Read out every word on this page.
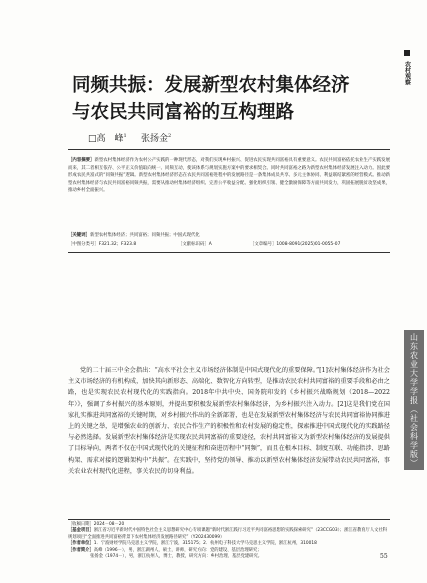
农村观察
山东农业大学学报（社会科学版）
同频共振：发展新型农村集体经济
与农民共同富裕的互构理路
□高　峰$^1$ 张扬金$^2$

［内容摘要］新型农村集体经济作为农村公产实践的一种现代形态，对我们实现乡村振兴、促进农民实现共同富裕具有重要意义。农民共同富裕依托农业生产实践发展而来，其二者相互依存、公平正义价值取向统一、同频互动，使该体系与规划实施方案中的要求相契合。同时共同富裕之路为新型农村集体经济发展注入动力。因此要形成农民共富式的“同频共振”逻辑。新型农村集体经济形态在农民共同富裕进程中的发展路径是一条集体成员共享、多元主体协同、利益联结紧密的经营模式。推动新型农村集体经济与农民共同富裕同频共振，需要从推动村集体经济组织、完善公平收益分配、强化组织引领、健全激励保障等方面共同发力，巩固拓展脱贫攻坚成果，推动乡村全面振兴。

［关键词］新型农村集体经济；共同富裕；同频共振；中国式现代化

［中图分类号］F321.32；F323.8	［文献标识码］A	［文章编号］1008-8091(2025)01-0055-07

党的二十届三中全会指出：“高水平社会主义市场经济体制是中国式现代化的重要保障。”[1]农村集体经济作为社会主义市场经济的有机构成，加快其向新形态、高端化、数智化方向转型，是推动农民农村共同富裕的重要手段和必由之路，也是实现农民农村现代化的实践指向。2018年中共中央、国务院印发的《乡村振兴战略规划（2018—2022年）》，强调了乡村振兴的基本原则，并提出要积极发展新型农村集体经济，为乡村振兴注入动力。[2]这是我们党在国家扎实推进共同富裕的关键时期，对乡村振兴作出的全新部署，也是在发展新型农村集体经济与农民共同富裕协同推进上的关键之举，是增强农业的创新力、农民合作生产的积极性和农村发展的稳定性，探索推进中国式现代化的实践路径与必然选择。发展新型农村集体经济是实现农民共同富裕的重要途径，农村共同富裕又为新型农村集体经济的发展提供了目标导向，两者不仅在中国式现代化的关键征程和奋进历程中“同频”，而且在根本目标、制度互联、功能指涉、思路构架、需求对接的逻辑架构中“共振”。在实践中，坚持党的领导、推动以新型农村集体经济发展带动农民共同富裕，事关农业农村现代化进程，事关农民的切身利益。

［收稿日期］2024－08－20

［基金项目］浙江省习近平新时代中国特色社会主义思想研究中心专项课题“新时代浙江践行习近平共同富裕思想的实践探索研究”（23CCG03）；浙江省教育厅人文社科规划项目“全面推进共同富裕背景下农村集体经济发展路径研究”（Y202430099）

［作者单位］1．宁波财经学院马克思主义学院，浙江宁波，315175；2．杭州电子科技大学马克思主义学院，浙江杭州，310018

［作者简介］高峰（1996－），男，浙江湖州人，硕士，讲师，研究方向：党的建设、基层治理研究；

张扬金（1974－），男，浙江杭州人，博士，教授，研究方向：乡村治理、基层党建研究。	55
